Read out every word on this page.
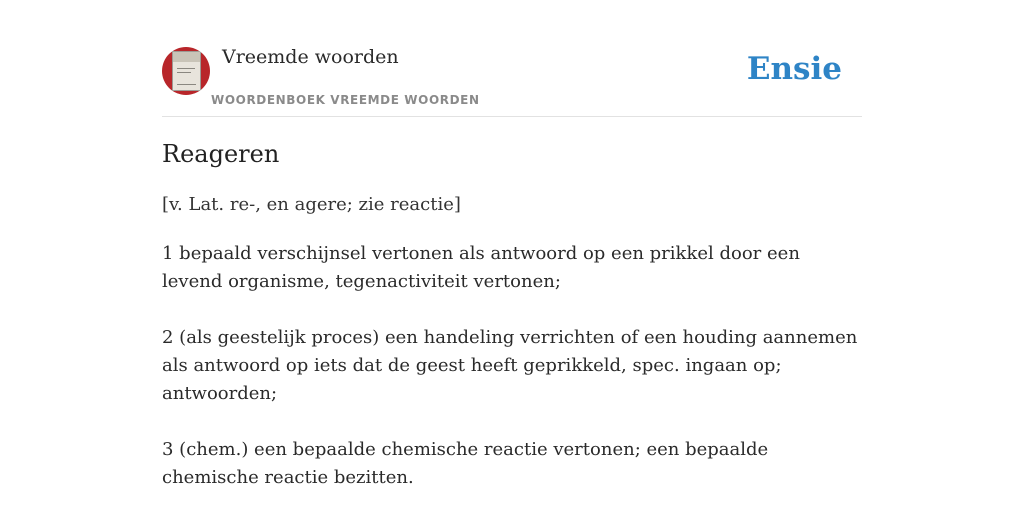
Vreemde woorden
WOORDENBOEK VREEMDE WOORDEN
Ensie
Reageren
[v. Lat. re-, en agere; zie reactie]

1 bepaald verschijnsel vertonen als antwoord op een prikkel door een levend organisme, tegenactiviteit vertonen;

2 (als geestelijk proces) een handeling verrichten of een houding aannemen als antwoord op iets dat de geest heeft geprikkeld, spec. ingaan op; antwoorden;

3 (chem.) een bepaalde chemische reactie vertonen; een bepaalde chemische reactie bezitten.
